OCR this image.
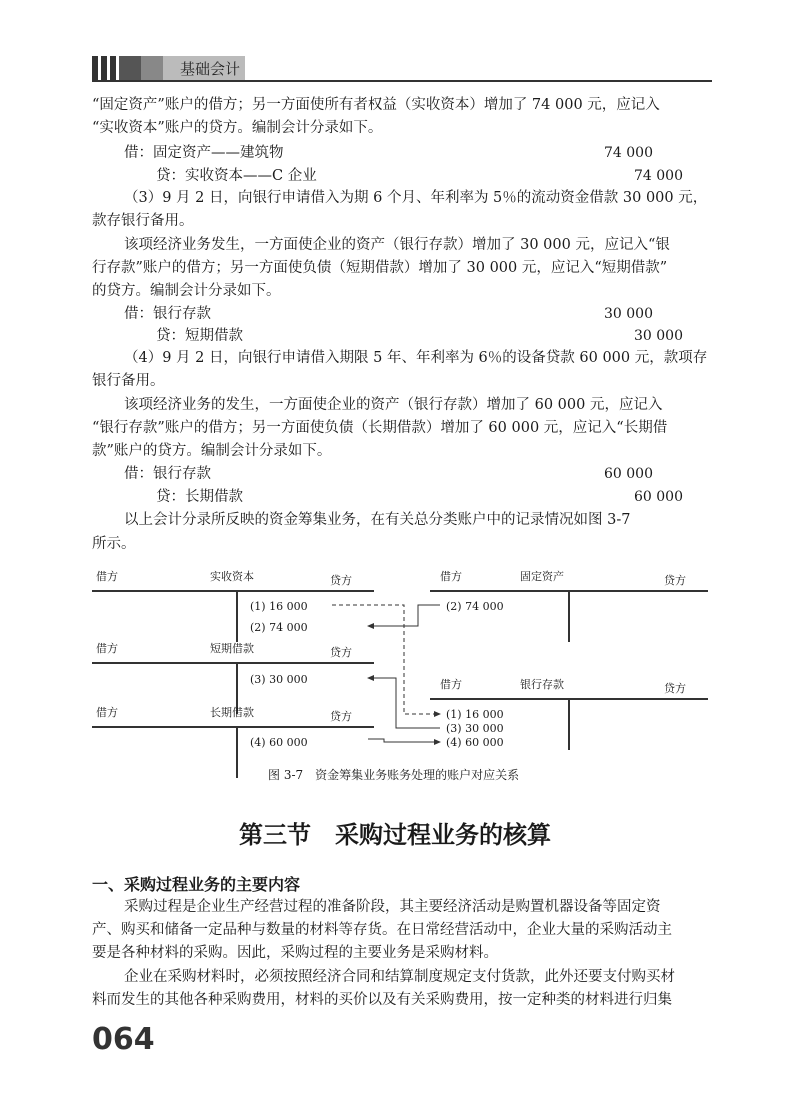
基础会计
“固定资产”账户的借方；另一方面使所有者权益（实收资本）增加了 74 000 元，应记入
“实收资本”账户的贷方。编制会计分录如下。
借：固定资产——建筑物	74 000
贷：实收资本——C 企业	74 000
（3）9 月 2 日，向银行申请借入为期 6 个月、年利率为 5％的流动资金借款 30 000 元，
款存银行备用。
该项经济业务发生，一方面使企业的资产（银行存款）增加了 30 000 元，应记入“银
行存款”账户的借方；另一方面使负债（短期借款）增加了 30 000 元，应记入“短期借款”
的贷方。编制会计分录如下。
借：银行存款	30 000
贷：短期借款	30 000
（4）9 月 2 日，向银行申请借入期限 5 年、年利率为 6％的设备贷款 60 000 元，款项存
银行备用。
该项经济业务的发生，一方面使企业的资产（银行存款）增加了 60 000 元，应记入
“银行存款”账户的借方；另一方面使负债（长期借款）增加了 60 000 元，应记入“长期借
款”账户的贷方。编制会计分录如下。
借：银行存款	60 000
贷：长期借款	60 000
以上会计分录所反映的资金筹集业务，在有关总分类账户中的记录情况如图 3-7
所示。
借方	实收资本	贷方
(1) 16 000
(2) 74 000
借方	固定资产	贷方
(2) 74 000
借方	短期借款	贷方
(3) 30 000	借方	银行存款	贷方
(1) 16 000
(3) 30 000
(4) 60 000
借方	长期借款	贷方
(4) 60 000
图 3-7　资金筹集业务账务处理的账户对应关系
第三节　采购过程业务的核算
一、采购过程业务的主要内容
采购过程是企业生产经营过程的准备阶段，其主要经济活动是购置机器设备等固定资
产、购买和储备一定品种与数量的材料等存货。在日常经营活动中，企业大量的采购活动主
要是各种材料的采购。因此，采购过程的主要业务是采购材料。
企业在采购材料时，必须按照经济合同和结算制度规定支付货款，此外还要支付购买材
料而发生的其他各种采购费用，材料的买价以及有关采购费用，按一定种类的材料进行归集
064
